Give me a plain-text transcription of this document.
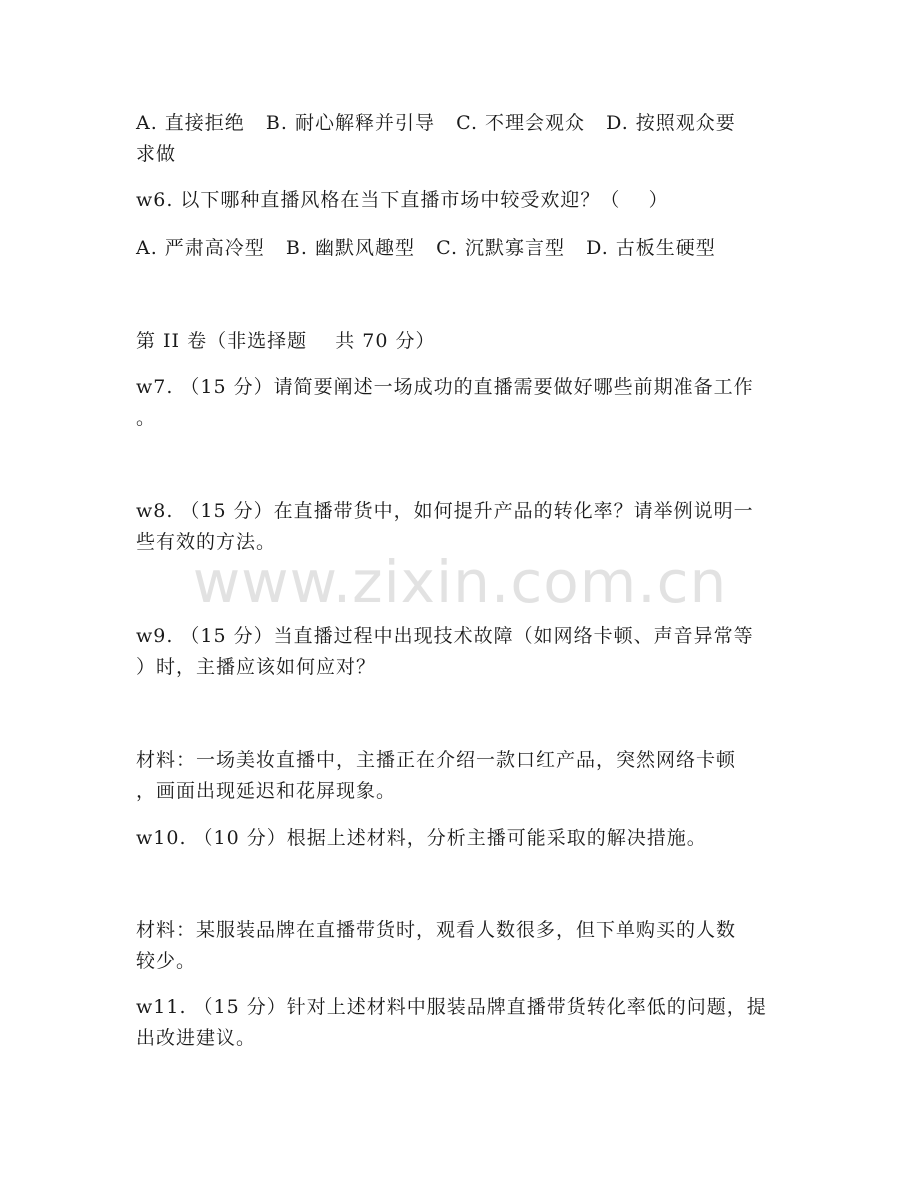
A. 直接拒绝   B. 耐心解释并引导   C. 不理会观众   D. 按照观众要
求做
w6. 以下哪种直播风格在当下直播市场中较受欢迎？（    ）
A. 严肃高冷型   B. 幽默风趣型   C. 沉默寡言型   D. 古板生硬型
第 II 卷（非选择题    共 70 分）
w7. （15 分）请简要阐述一场成功的直播需要做好哪些前期准备工作
。
w8. （15 分）在直播带货中，如何提升产品的转化率？请举例说明一
些有效的方法。
w9. （15 分）当直播过程中出现技术故障（如网络卡顿、声音异常等
）时，主播应该如何应对？
材料：一场美妆直播中，主播正在介绍一款口红产品，突然网络卡顿
，画面出现延迟和花屏现象。
w10. （10 分）根据上述材料，分析主播可能采取的解决措施。
材料：某服装品牌在直播带货时，观看人数很多，但下单购买的人数
较少。
w11. （15 分）针对上述材料中服装品牌直播带货转化率低的问题，提
出改进建议。
www.zixin.com.cn
